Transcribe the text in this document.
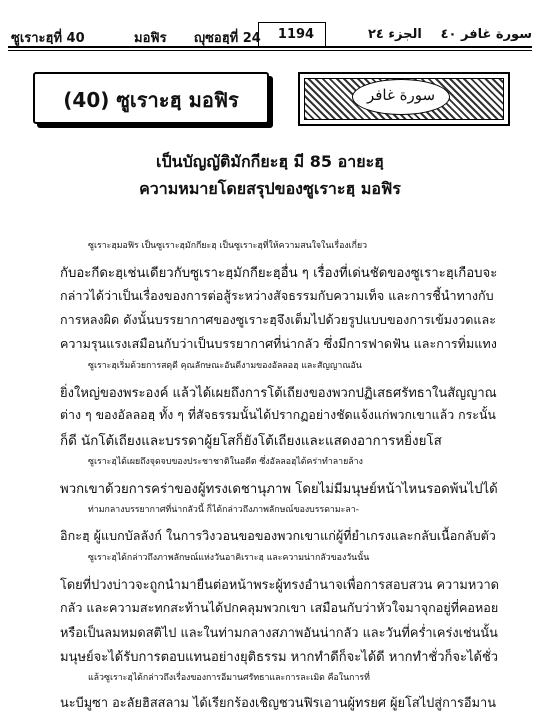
ซูเราะฮฺที่ 40	มอฟิร ญุซอฮฺที่ 24	1194	الجزء ٢٤ سورة غافر ٤٠
(40) ซูเราะฮฺ มอฟิร	سورة غافر
เป็นบัญญัติมักกียะฮฺ มี 85 อายะฮฺ
ความหมายโดยสรุปของซูเราะฮฺ มอฟิร
ซูเราะฮฺมอฟิร เป็นซูเราะฮฺมักกียะฮฺ เป็นซูเราะฮฺที่ให้ความสนใจในเรื่องเกี่ยว
กับอะกีดะฮฺเช่นเดียวกับซูเราะฮฺมักกียะฮฺอื่น ๆ เรื่องที่เด่นชัดของซูเราะฮฺเกือบจะ
กล่าวได้ว่าเป็นเรื่องของการต่อสู้ระหว่างสัจธรรมกับความเท็จ และการชี้นำทางกับ
การหลงผิด ดังนั้นบรรยากาศของซูเราะฮฺจึงเต็มไปด้วยรูปแบบของการเข้มงวดและ
ความรุนแรงเสมือนกับว่าเป็นบรรยากาศที่น่ากลัว ซึ่งมีการฟาดฟัน และการทิ่มแทง
ซูเราะฮฺเริ่มด้วยการสดุดี คุณลักษณะอันดีงามของอัลลอฮฺ และสัญญาณอัน
ยิ่งใหญ่ของพระองค์ แล้วได้เผยถึงการโต้เถียงของพวกปฏิเสธศรัทธาในสัญญาณ
ต่าง ๆ ของอัลลอฮฺ ทั้ง ๆ ที่สัจธรรมนั้นได้ปรากฏอย่างชัดแจ้งแก่พวกเขาแล้ว กระนั้น
ก็ดี นักโต้เถียงและบรรดาผู้ยโสก็ยังโต้เถียงและแสดงอาการหยิ่งยโส
ซูเราะฮฺได้เผยถึงจุดจบของประชาชาติในอดีต ซึ่งอัลลอฮฺได้คร่าทำลายล้าง
พวกเขาด้วยการคร่าของผู้ทรงเดชานุภาพ โดยไม่มีมนุษย์หน้าไหนรอดพ้นไปได้
ท่ามกลางบรรยากาศที่น่ากลัวนี้ ก็ได้กล่าวถึงภาพลักษณ์ของบรรดามะลา-
อิกะฮฺ ผู้แบกบัลลังก์ ในการวิงวอนขอของพวกเขาแก่ผู้ที่ยำเกรงและกลับเนื้อกลับตัว
ซูเราะฮฺได้กล่าวถึงภาพลักษณ์แห่งวันอาคิเราะฮฺ และความน่ากลัวของวันนั้น
โดยที่ปวงบ่าวจะถูกนำมายืนต่อหน้าพระผู้ทรงอำนาจเพื่อการสอบสวน ความหวาด
กลัว และความสะทกสะท้านได้ปกคลุมพวกเขา เสมือนกับว่าหัวใจมาจุกอยู่ที่คอหอย
หรือเป็นลมหมดสติไป และในท่ามกลางสภาพอันน่ากลัว และวันที่คร่ำเคร่งเช่นนั้น
มนุษย์จะได้รับการตอบแทนอย่างยุติธรรม หากทำดีก็จะได้ดี หากทำชั่วก็จะได้ชั่ว
แล้วซูเราะฮฺได้กล่าวถึงเรื่องของการอีมานศรัทธาและการละเมิด คือในการที่
นะบีมูซา อะลัยฮิสสลาม ได้เรียกร้องเชิญชวนฟิรเอานผู้ทรยศ ผู้ยโสไปสู่การอีมาน
